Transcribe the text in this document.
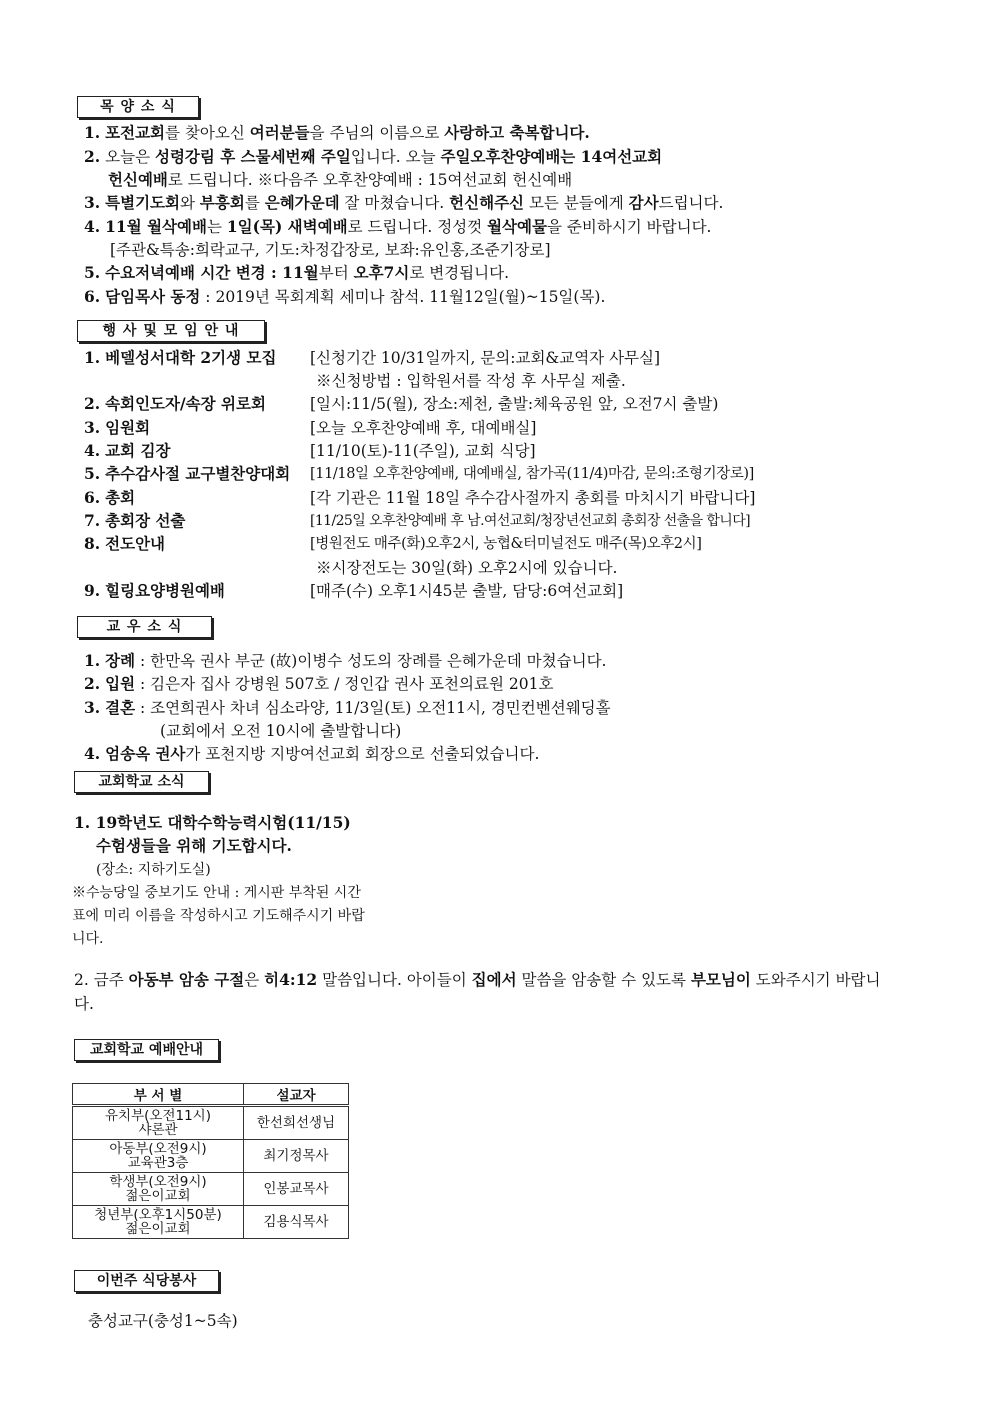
목 양 소 식
1. 포전교회를 찾아오신 여러분들을 주님의 이름으로 사랑하고 축복합니다.
2. 오늘은 성령강림 후 스물세번째 주일입니다. 오늘 주일오후찬양예배는 14여선교회
헌신예배로 드립니다. ※다음주 오후찬양예배 : 15여선교회 헌신예배
3. 특별기도회와 부흥회를 은혜가운데 잘 마쳤습니다. 헌신해주신 모든 분들에게 감사드립니다.
4. 11월 월삭예배는 1일(목) 새벽예배로 드립니다. 정성껏 월삭예물을 준비하시기 바랍니다.
[주관&특송:희락교구, 기도:차정갑장로, 보좌:유인홍,조준기장로]
5. 수요저녁예배 시간 변경 : 11월부터 오후7시로 변경됩니다.
6. 담임목사 동정 : 2019년 목회계획 세미나 참석. 11월12일(월)~15일(목).
행 사 및 모 임 안 내
1. 베델성서대학 2기생 모집 [신청기간 10/31일까지, 문의:교회&교역자 사무실]
※신청방법 : 입학원서를 작성 후 사무실 제출.
2. 속회인도자/속장 위로회	[일시:11/5(월), 장소:제천, 출발:체육공원 앞, 오전7시 출발)
3. 임원회	[오늘 오후찬양예배 후, 대예배실]
4. 교회 김장	[11/10(토)-11(주일), 교회 식당]
5. 추수감사절 교구별찬양대회 [11/18일 오후찬양예배, 대예배실, 참가곡(11/4)마감, 문의:조형기장로)]
6. 총회	[각 기관은 11월 18일 추수감사절까지 총회를 마치시기 바랍니다]
7. 총회장 선출	[11/25일 오후찬양예배 후 남.여선교회/청장년선교회 총회장 선출을 합니다]
8. 전도안내	[병원전도 매주(화)오후2시, 농협&터미널전도 매주(목)오후2시]
※시장전도는 30일(화) 오후2시에 있습니다.
9. 힐링요양병원예배	[매주(수) 오후1시45분 출발, 담당:6여선교회]
교 우 소 식
1. 장례 : 한만옥 권사 부군 (故)이병수 성도의 장례를 은혜가운데 마쳤습니다.
2. 입원 : 김은자 집사 강병원 507호 / 정인갑 권사 포천의료원 201호
3. 결혼 : 조연희권사 차녀 심소라양, 11/3일(토) 오전11시, 경민컨벤션웨딩홀
(교회에서 오전 10시에 출발합니다)
4. 엄송옥 권사가 포천지방 지방여선교회 회장으로 선출되었습니다.
교회학교 소식
1. 19학년도 대학수학능력시험(11/15)
수험생들을 위해 기도합시다.
(장소: 지하기도실)
※수능당일 중보기도 안내 : 게시판 부착된 시간
표에 미리 이름을 작성하시고 기도해주시기 바랍
니다.
2. 금주 아동부 암송 구절은 히4:12 말씀입니다. 아이들이 집에서 말씀을 암송할 수 있도록 부모님이 도와주시기 바랍니
다.
교회학교 예배안내
부 서 별	설교자

유치부(오전11시)
샤론관	한선희선생님

아동부(오전9시)
교육관3층	최기정목사

학생부(오전9시)
젊은이교회	인봉교목사

청년부(오후1시50분)
젊은이교회	김용식목사
이번주 식당봉사
충성교구(충성1~5속)
